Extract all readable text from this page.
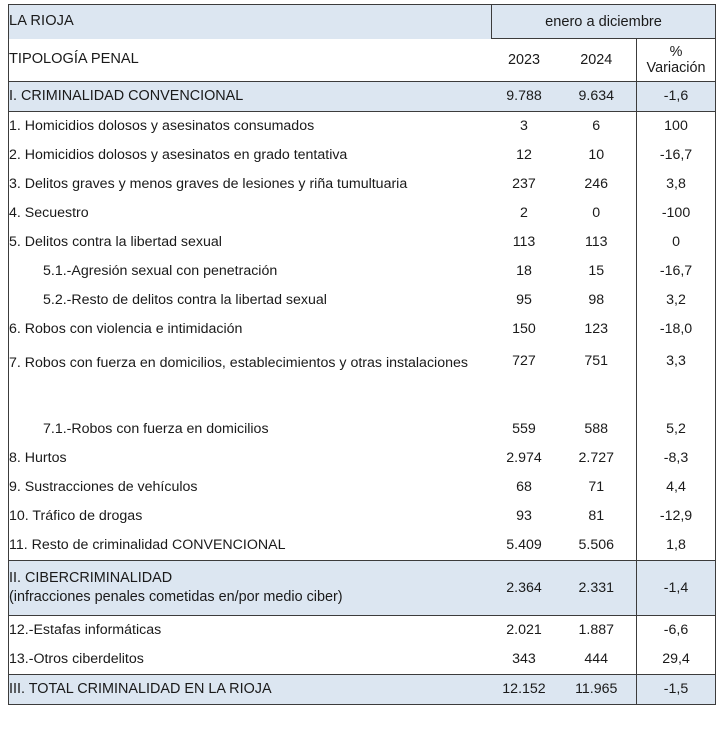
LA RIOJA	enero a diciembre		
TIPOLOGÍA PENAL	2023	2024	%
Variación

I. CRIMINALIDAD CONVENCIONAL	9.788	9.634	-1,6
1. Homicidios dolosos y asesinatos consumados	3	6	100
2. Homicidios dolosos y asesinatos en grado tentativa	12	10	-16,7
3. Delitos graves y menos graves de lesiones y riña tumultuaria	237	246	3,8
4. Secuestro	2	0	-100
5. Delitos contra la libertad sexual	113	113	0
5.1.-Agresión sexual con penetración	18	15	-16,7
5.2.-Resto de delitos contra la libertad sexual	95	98	3,2
6. Robos con violencia e intimidación	150	123	-18,0
7. Robos con fuerza en domicilios, establecimientos y otras instalaciones	727	751	3,3
7.1.-Robos con fuerza en domicilios	559	588	5,2
8. Hurtos	2.974	2.727	-8,3
9. Sustracciones de vehículos	68	71	4,4
10. Tráfico de drogas	93	81	-12,9
11. Resto de criminalidad CONVENCIONAL	5.409	5.506	1,8

II. CIBERCRIMINALIDAD
(infracciones penales cometidas en/por medio ciber)	2.364	2.331	-1,4
12.-Estafas informáticas	2.021	1.887	-6,6
13.-Otros ciberdelitos	343	444	29,4
III. TOTAL CRIMINALIDAD EN LA RIOJA	12.152	11.965	-1,5
